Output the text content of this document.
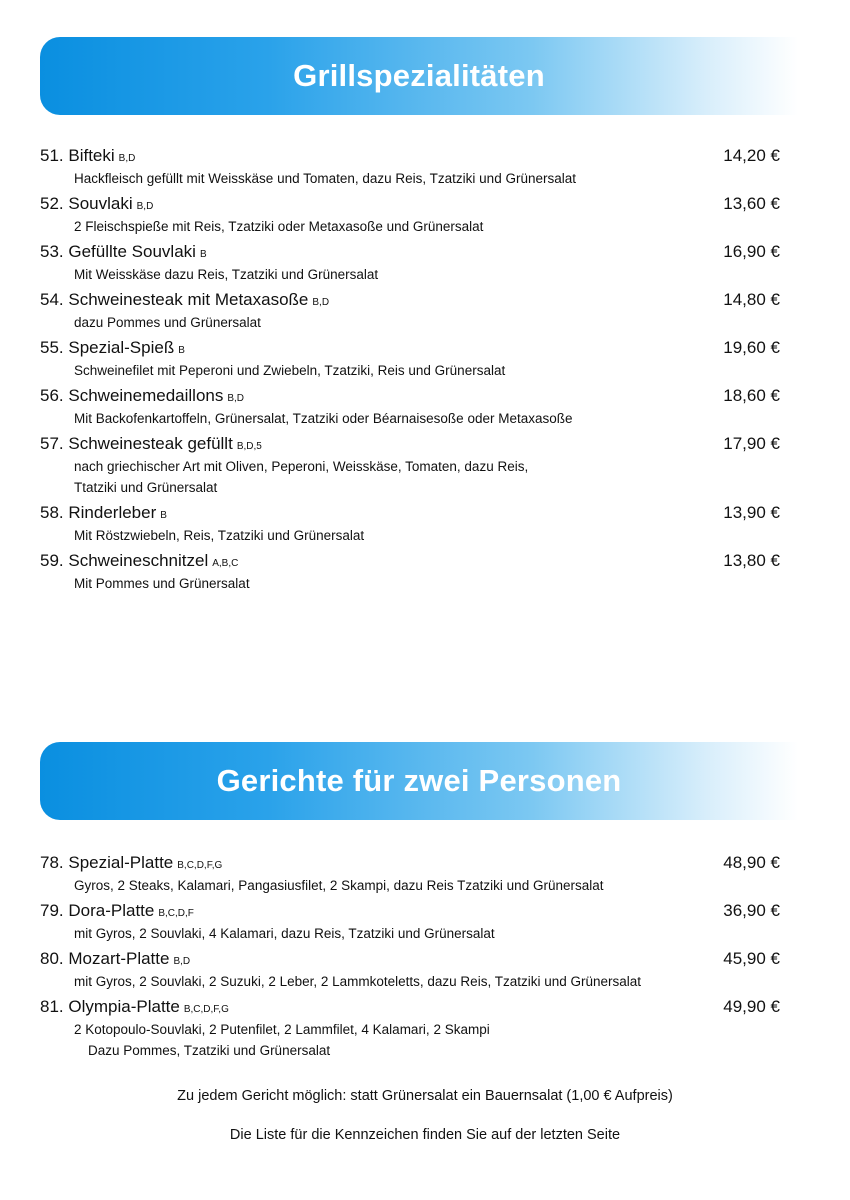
Grillspezialitäten
51. Bifteki B,D	14,20 €
Hackfleisch gefüllt mit Weisskäse und Tomaten, dazu Reis, Tzatziki und Grünersalat
52. Souvlaki B,D	13,60 €
2 Fleischspieße mit Reis, Tzatziki oder Metaxasoße und Grünersalat
53. Gefüllte Souvlaki B	16,90 €
Mit Weisskäse dazu Reis, Tzatziki und Grünersalat
54. Schweinesteak mit Metaxasoße B,D	14,80 €
dazu Pommes und Grünersalat
55. Spezial-Spieß B	19,60 €
Schweinefilet mit Peperoni und Zwiebeln, Tzatziki, Reis und Grünersalat
56. Schweinemedaillons B,D	18,60 €
Mit Backofenkartoffeln, Grünersalat, Tzatziki oder Béarnaisesoße oder Metaxasoße
57. Schweinesteak gefüllt B,D,5	17,90 €
nach griechischer Art mit Oliven, Peperoni, Weisskäse, Tomaten, dazu Reis,
Ttatziki und Grünersalat
58. Rinderleber B	13,90 €
Mit Röstzwiebeln, Reis, Tzatziki und Grünersalat
59. Schweineschnitzel A,B,C	13,80 €
Mit Pommes und Grünersalat
Gerichte für zwei Personen
78. Spezial-Platte B,C,D,F,G	48,90 €
Gyros, 2 Steaks, Kalamari, Pangasiusfilet, 2 Skampi, dazu Reis Tzatziki und Grünersalat
79. Dora-Platte B,C,D,F	36,90 €
mit Gyros, 2 Souvlaki, 4 Kalamari, dazu Reis, Tzatziki und Grünersalat
80. Mozart-Platte B,D	45,90 €
mit Gyros, 2 Souvlaki, 2 Suzuki, 2 Leber, 2 Lammkoteletts, dazu Reis, Tzatziki und Grünersalat
81. Olympia-Platte B,C,D,F,G	49,90 €
2 Kotopoulo-Souvlaki, 2 Putenfilet, 2 Lammfilet, 4 Kalamari, 2 Skampi
Dazu Pommes, Tzatziki und Grünersalat
Zu jedem Gericht möglich: statt Grünersalat ein Bauernsalat (1,00 € Aufpreis)
Die Liste für die Kennzeichen finden Sie auf der letzten Seite
